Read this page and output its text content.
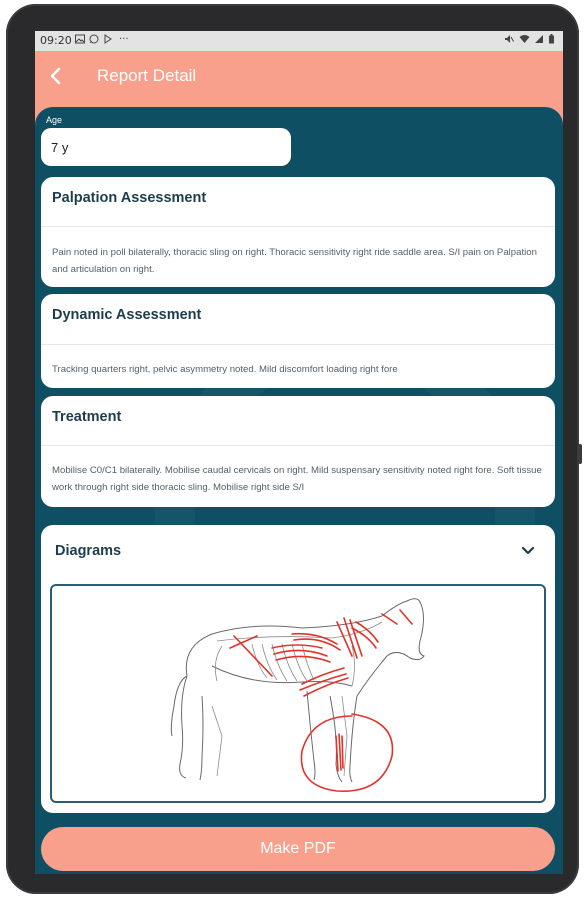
09:20	···

Report Detail
Age
7 y
Palpation Assessment
Pain noted in poll bilaterally, thoracic sling on right. Thoracic sensitivity right ride saddle area. S/I pain on Palpation and articulation on right.
Dynamic Assessment
Tracking quarters right, pelvic asymmetry noted. Mild discomfort loading right fore
Treatment
Mobilise C0/C1 bilaterally. Mobilise caudal cervicals on right. Mild suspensary sensitivity noted right fore. Soft tissue work through right side thoracic sling. Mobilise right side S/I
Diagrams
Make PDF
